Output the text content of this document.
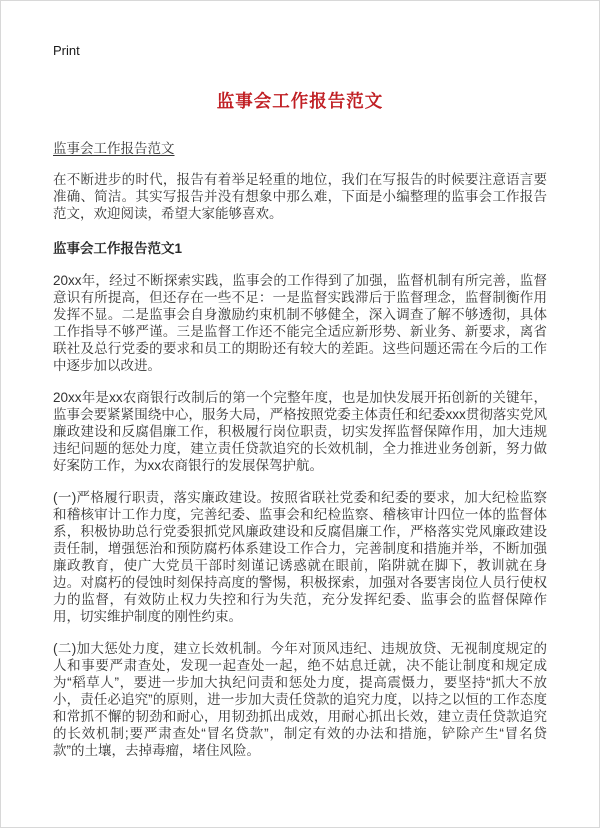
Print
监事会工作报告范文
监事会工作报告范文

在不断进步的时代，报告有着举足轻重的地位，我们在写报告的时候要注意语言要准确、简洁。其实写报告并没有想象中那么难，下面是小编整理的监事会工作报告范文，欢迎阅读，希望大家能够喜欢。

监事会工作报告范文1

20xx年，经过不断探索实践，监事会的工作得到了加强，监督机制有所完善，监督意识有所提高，但还存在一些不足：一是监督实践滞后于监督理念，监督制衡作用发挥不显。二是监事会自身激励约束机制不够健全，深入调查了解不够透彻，具体工作指导不够严谨。三是监督工作还不能完全适应新形势、新业务、新要求，离省联社及总行党委的要求和员工的期盼还有较大的差距。这些问题还需在今后的工作中逐步加以改进。

20xx年是xx农商银行改制后的第一个完整年度，也是加快发展开拓创新的关键年，监事会要紧紧围绕中心，服务大局，严格按照党委主体责任和纪委xxx贯彻落实党风廉政建设和反腐倡廉工作，积极履行岗位职责，切实发挥监督保障作用，加大违规违纪问题的惩处力度，建立责任贷款追究的长效机制，全力推进业务创新，努力做好案防工作，为xx农商银行的发展保驾护航。

(一)严格履行职责，落实廉政建设。按照省联社党委和纪委的要求，加大纪检监察和稽核审计工作力度，完善纪委、监事会和纪检监察、稽核审计四位一体的监督体系，积极协助总行党委狠抓党风廉政建设和反腐倡廉工作，严格落实党风廉政建设责任制，增强惩治和预防腐朽体系建设工作合力，完善制度和措施并举，不断加强廉政教育，使广大党员干部时刻谨记诱惑就在眼前，陷阱就在脚下，教训就在身边。对腐朽的侵蚀时刻保持高度的警惕，积极探索，加强对各要害岗位人员行使权力的监督，有效防止权力失控和行为失范，充分发挥纪委、监事会的监督保障作用，切实维护制度的刚性约束。

(二)加大惩处力度，建立长效机制。今年对顶风违纪、违规放贷、无视制度规定的人和事要严肃查处，发现一起查处一起，绝不姑息迁就，决不能让制度和规定成为“稻草人”，要进一步加大执纪问责和惩处力度，提高震慑力，要坚持“抓大不放小，责任必追究”的原则，进一步加大责任贷款的追究力度，以持之以恒的工作态度和常抓不懈的韧劲和耐心，用韧劲抓出成效，用耐心抓出长效，建立责任贷款追究的长效机制;要严肃查处“冒名贷款”，制定有效的办法和措施，铲除产生“冒名贷款”的土壤，去掉毒瘤，堵住风险。
